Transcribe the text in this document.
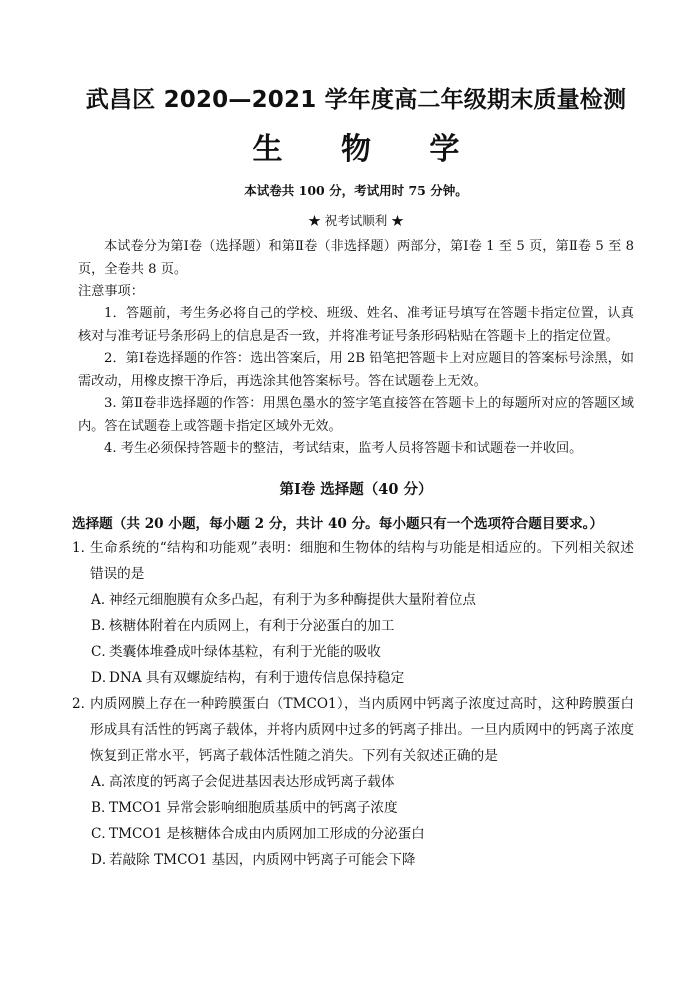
武昌区 2020—2021 学年度高二年级期末质量检测
生 物 学
本试卷共 100 分，考试用时 75 分钟。
★ 祝考试顺利 ★

本试卷分为第Ⅰ卷（选择题）和第Ⅱ卷（非选择题）两部分，第Ⅰ卷 1 至 5 页，第Ⅱ卷 5 至 8 页，全卷共 8 页。

注意事项：

1．答题前，考生务必将自己的学校、班级、姓名、准考证号填写在答题卡指定位置，认真核对与准考证号条形码上的信息是否一致，并将准考证号条形码粘贴在答题卡上的指定位置。

2．第Ⅰ卷选择题的作答：选出答案后，用 2B 铅笔把答题卡上对应题目的答案标号涂黑，如需改动，用橡皮擦干净后，再选涂其他答案标号。答在试题卷上无效。

3. 第Ⅱ卷非选择题的作答：用黑色墨水的签字笔直接答在答题卡上的每题所对应的答题区域内。答在试题卷上或答题卡指定区域外无效。

4. 考生必须保持答题卡的整洁，考试结束，监考人员将答题卡和试题卷一并收回。

第Ⅰ卷 选择题（40 分）
选择题（共 20 小题，每小题 2 分，共计 40 分。每小题只有一个选项符合题目要求。）
1．
生命系统的“结构和功能观”表明：细胞和生物体的结构与功能是相适应的。下列相关叙述错误的是
A．神经元细胞膜有众多凸起，有利于为多种酶提供大量附着位点
B．核糖体附着在内质网上，有利于分泌蛋白的加工
C．类囊体堆叠成叶绿体基粒，有利于光能的吸收
D．DNA 具有双螺旋结构，有利于遗传信息保持稳定
2．
内质网膜上存在一种跨膜蛋白（TMCO1），当内质网中钙离子浓度过高时，这种跨膜蛋白形成具有活性的钙离子载体，并将内质网中过多的钙离子排出。一旦内质网中的钙离子浓度恢复到正常水平，钙离子载体活性随之消失。下列有关叙述正确的是
A．高浓度的钙离子会促进基因表达形成钙离子载体
B．TMCO1 异常会影响细胞质基质中的钙离子浓度
C．TMCO1 是核糖体合成由内质网加工形成的分泌蛋白
D．若敲除 TMCO1 基因，内质网中钙离子可能会下降
